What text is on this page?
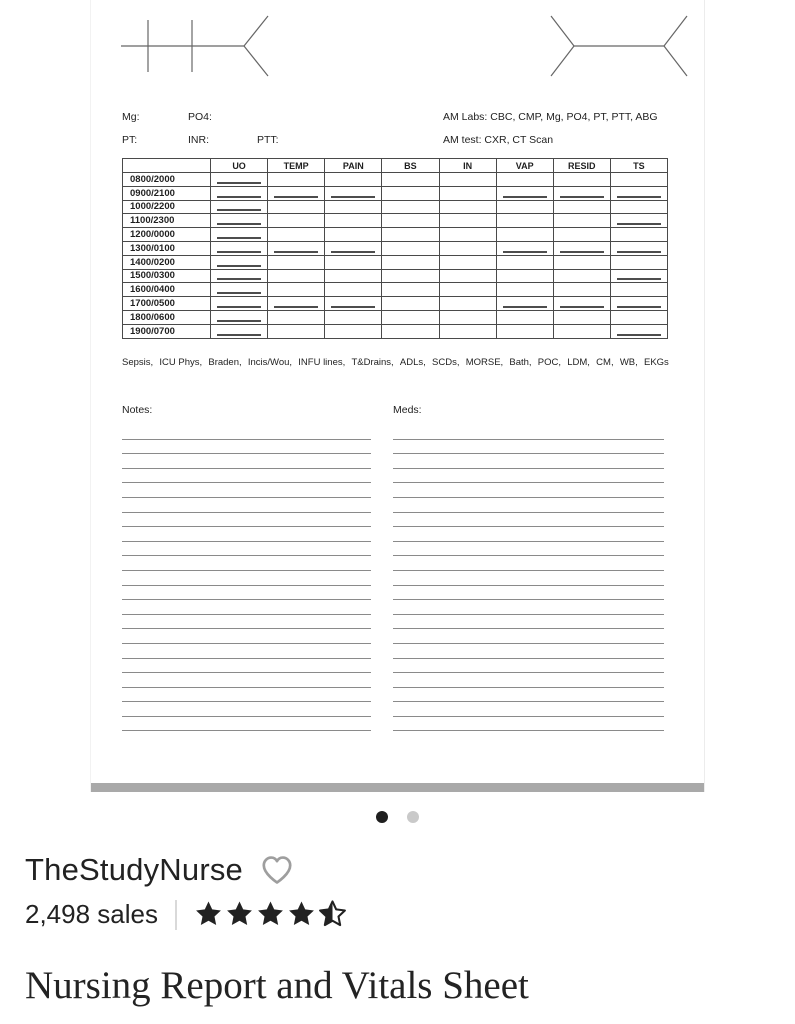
Mg:	PO4:	AM Labs: CBC, CMP, Mg, PO4, PT, PTT, ABG
PT:	INR:	PTT:	AM test: CXR, CT Scan
	UO	TEMP	PAIN	BS	IN	VAP	RESID	TS
0800/2000	

0900/2100	

1000/2200	

1100/2300	

1200/0000	

1300/0100	

1400/0200	

1500/0300	

1600/0400	

1700/0500	

1800/0600	

1900/0700	

Sepsis, ICU Phys, Braden, Incis/Wou, INFU lines, T&Drains, ADLs, SCDs, MORSE, Bath, POC, LDM, CM, WB, EKGs
Notes:	Meds:
TheStudyNurse
2,498 sales
Nursing Report and Vitals Sheet
